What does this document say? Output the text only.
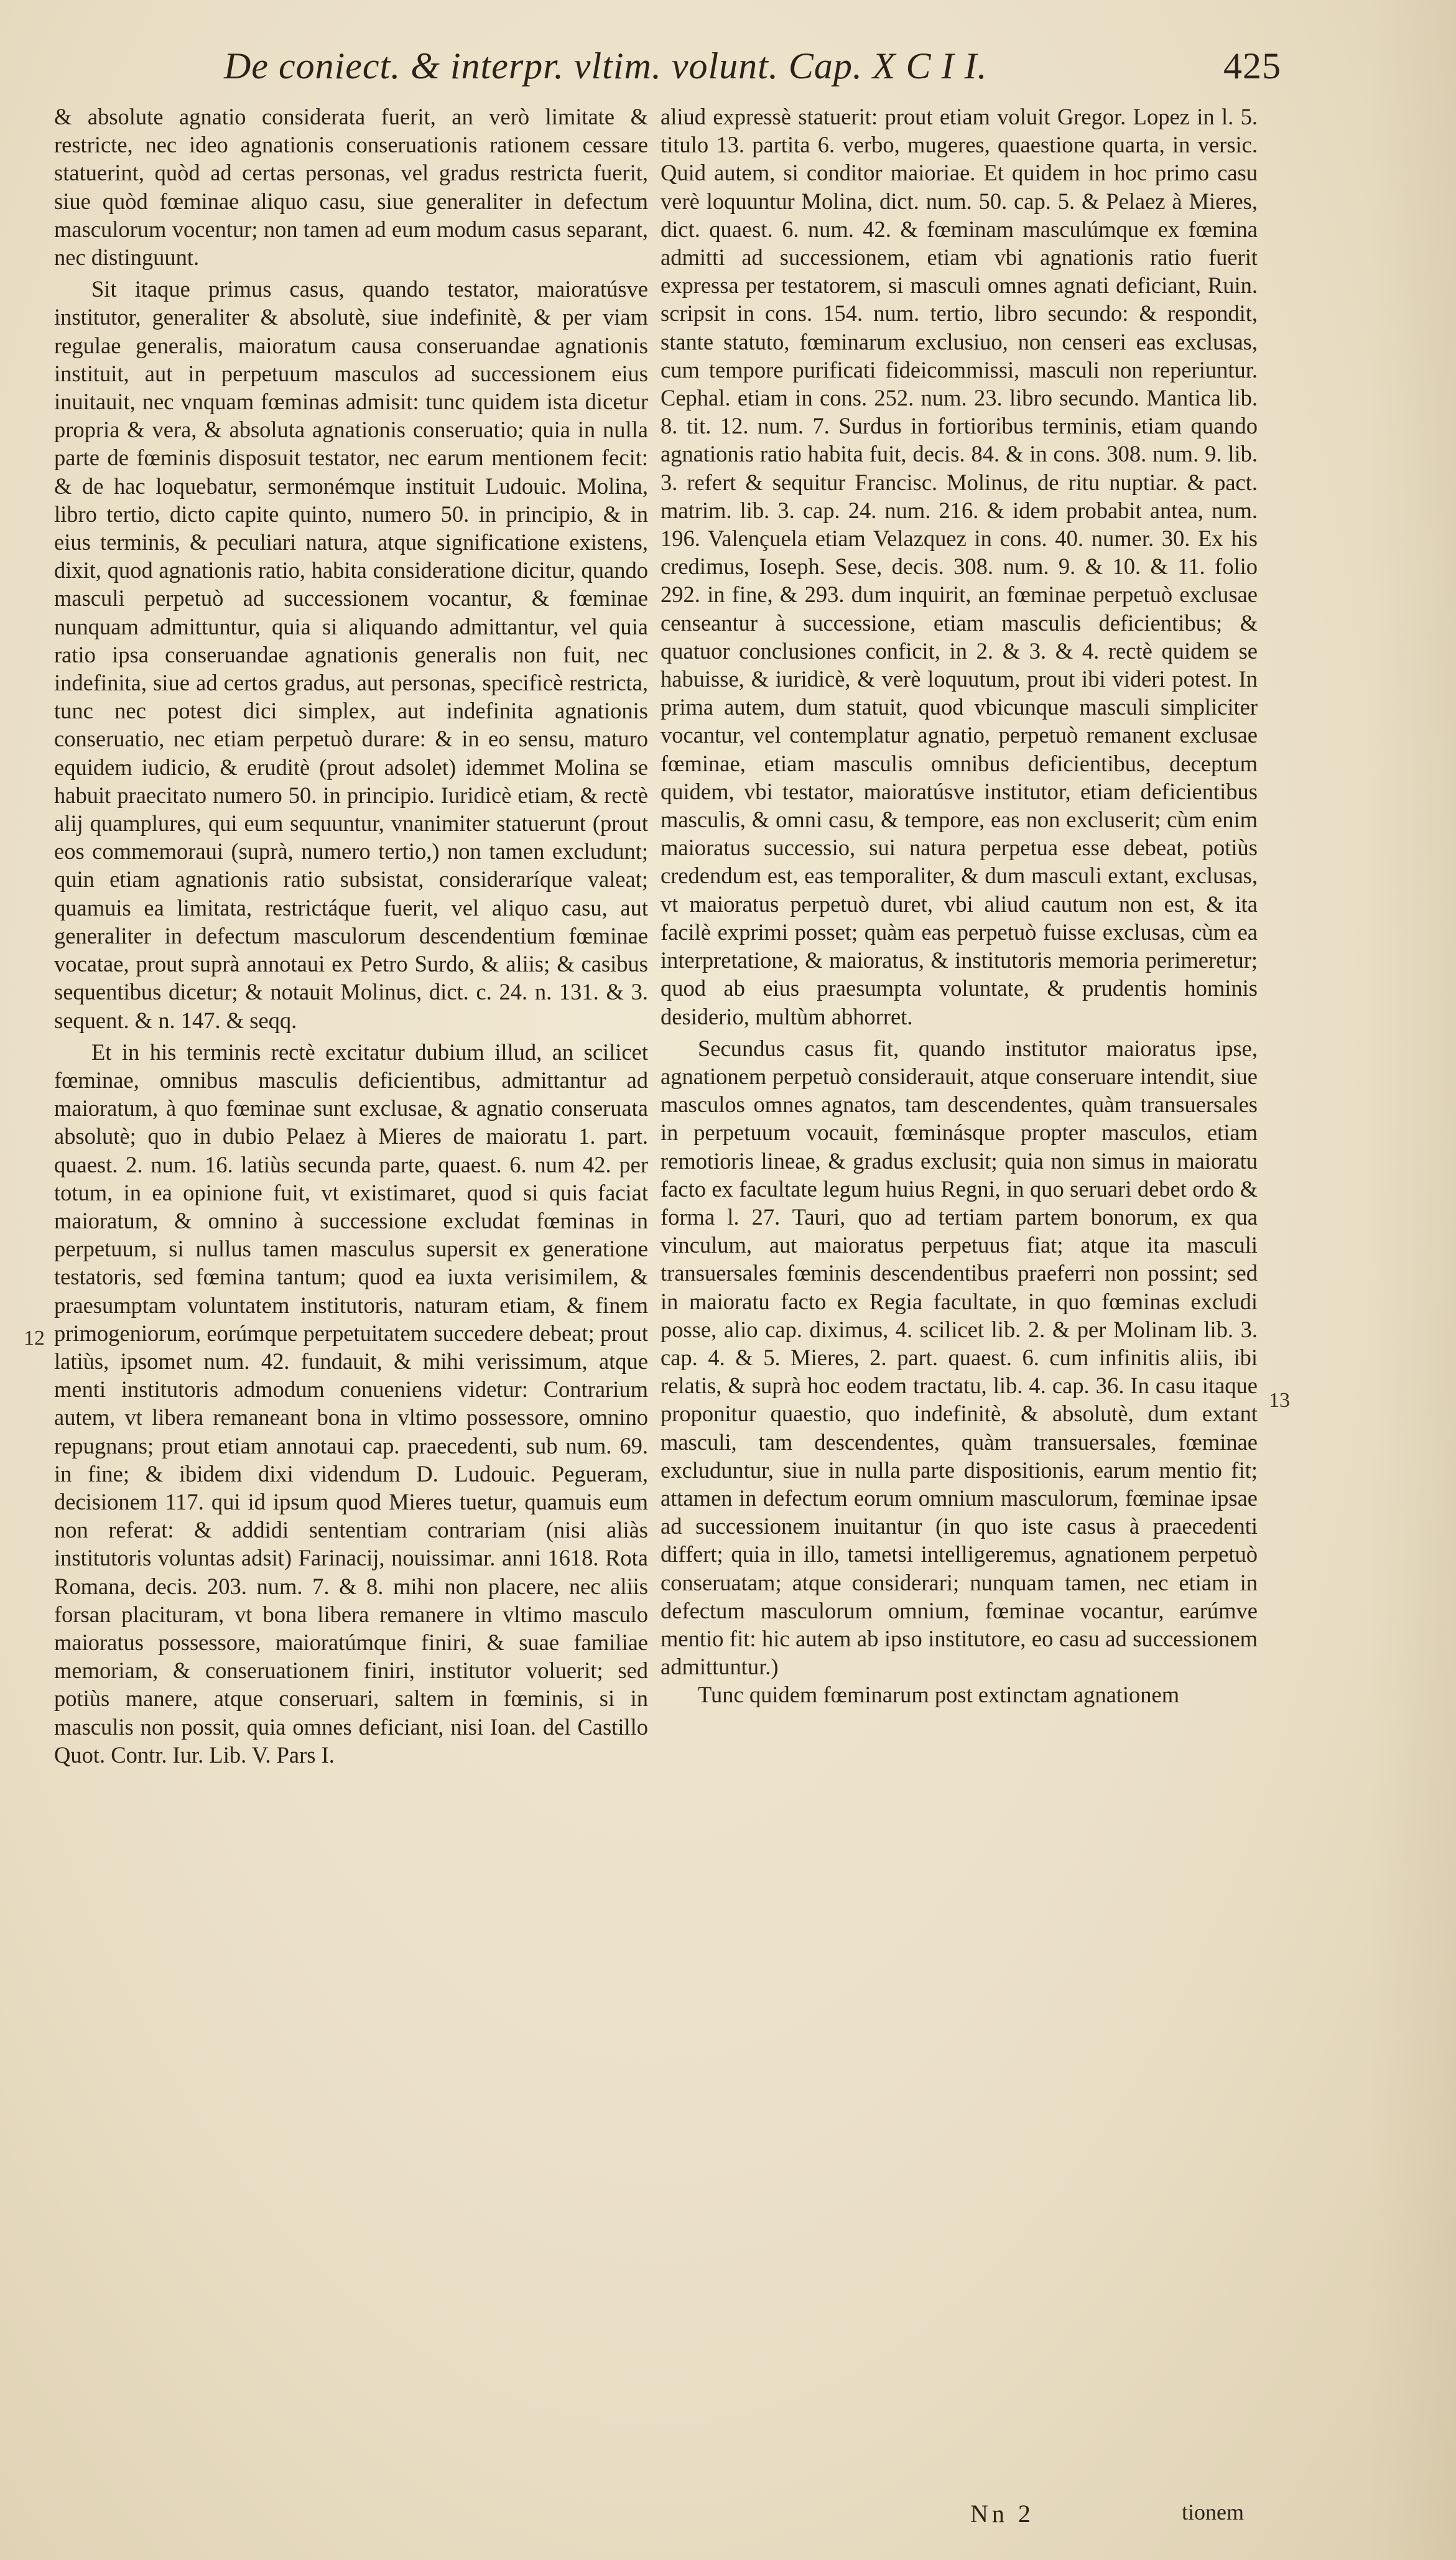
De coniect. & interpr. vltim. volunt. Cap. X C I I.	425

& absolute agnatio considerata fuerit, an verò limitate & restricte, nec ideo agnationis conseruationis rationem cessare statuerint, quòd ad certas personas, vel gradus restricta fuerit, siue quòd fœminae aliquo casu, siue generaliter in defectum masculorum vocentur; non tamen ad eum modum casus separant, nec distinguunt.

Sit itaque primus casus, quando testator, maioratúsve institutor, generaliter & absolutè, siue indefinitè, & per viam regulae generalis, maioratum causa conseruandae agnationis instituit, aut in perpetuum masculos ad successionem eius inuitauit, nec vnquam fœminas admisit: tunc quidem ista dicetur propria & vera, & absoluta agnationis conseruatio; quia in nulla parte de fœminis disposuit testator, nec earum mentionem fecit: & de hac loquebatur, sermonémque instituit Ludouic. Molina, libro tertio, dicto capite quinto, numero 50. in principio, & in eius terminis, & peculiari natura, atque significatione existens, dixit, quod agnationis ratio, habita consideratione dicitur, quando masculi perpetuò ad successionem vocantur, & fœminae nunquam admittuntur, quia si aliquando admittantur, vel quia ratio ipsa conseruandae agnationis generalis non fuit, nec indefinita, siue ad certos gradus, aut personas, specificè restricta, tunc nec potest dici simplex, aut indefinita agnationis conseruatio, nec etiam perpetuò durare: & in eo sensu, maturo equidem iudicio, & eruditè (prout adsolet) idemmet Molina se habuit praecitato numero 50. in principio. Iuridicè etiam, & rectè alij quamplures, qui eum sequuntur, vnanimiter statuerunt (prout eos commemoraui (suprà, numero tertio,) non tamen excludunt; quin etiam agnationis ratio subsistat, consideraríque valeat; quamuis ea limitata, restrictáque fuerit, vel aliquo casu, aut generaliter in defectum masculorum descendentium fœminae vocatae, prout suprà annotaui ex Petro Surdo, & aliis; & casibus sequentibus dicetur; & notauit Molinus, dict. c. 24. n. 131. & 3. sequent. & n. 147. & seqq.

Et in his terminis rectè excitatur dubium illud, an scilicet fœminae, omnibus masculis deficientibus, admittantur ad maioratum, à quo fœminae sunt exclusae, & agnatio conseruata absolutè; quo in dubio Pelaez à Mieres de maioratu 1. part. quaest. 2. num. 16. latiùs secunda parte, quaest. 6. num 42. per totum, in ea opinione fuit, vt existimaret, quod si quis faciat maioratum, & omnino à successione excludat fœminas in perpetuum, si nullus tamen masculus supersit ex generatione testatoris, sed fœmina tantum; quod ea iuxta verisimilem, & praesumptam voluntatem institutoris, naturam etiam, & finem primogeniorum, eorúmque perpetuitatem succedere debeat; prout latiùs, ipsomet num. 42. fundauit, & mihi verissimum, atque menti institutoris admodum conueniens videtur: Contrarium autem, vt libera remaneant bona in vltimo possessore, omnino repugnans; prout etiam annotaui cap. praecedenti, sub num. 69. in fine; & ibidem dixi videndum D. Ludouic. Pegueram, decisionem 117. qui id ipsum quod Mieres tuetur, quamuis eum non referat: & addidi sententiam contrariam (nisi aliàs institutoris voluntas adsit) Farinacij, nouissimar. anni 1618. Rota Romana, decis. 203. num. 7. & 8. mihi non placere, nec aliis forsan placituram, vt bona libera remanere in vltimo masculo maioratus possessore, maioratúmque finiri, & suae familiae memoriam, & conseruationem finiri, institutor voluerit; sed potiùs manere, atque conseruari, saltem in fœminis, si in masculis non possit, quia omnes deficiant, nisi Ioan. del Castillo Quot. Contr. Iur. Lib. V. Pars I.

12

aliud expressè statuerit: prout etiam voluit Gregor. Lopez in l. 5. titulo 13. partita 6. verbo, mugeres, quaestione quarta, in versic. Quid autem, si conditor maioriae. Et quidem in hoc primo casu verè loquuntur Molina, dict. num. 50. cap. 5. & Pelaez à Mieres, dict. quaest. 6. num. 42. & fœminam masculúmque ex fœmina admitti ad successionem, etiam vbi agnationis ratio fuerit expressa per testatorem, si masculi omnes agnati deficiant, Ruin. scripsit in cons. 154. num. tertio, libro secundo: & respondit, stante statuto, fœminarum exclusiuo, non censeri eas exclusas, cum tempore purificati fideicommissi, masculi non reperiuntur. Cephal. etiam in cons. 252. num. 23. libro secundo. Mantica lib. 8. tit. 12. num. 7. Surdus in fortioribus terminis, etiam quando agnationis ratio habita fuit, decis. 84. & in cons. 308. num. 9. lib. 3. refert & sequitur Francisc. Molinus, de ritu nuptiar. & pact. matrim. lib. 3. cap. 24. num. 216. & idem probabit antea, num. 196. Valençuela etiam Velazquez in cons. 40. numer. 30. Ex his credimus, Ioseph. Sese, decis. 308. num. 9. & 10. & 11. folio 292. in fine, & 293. dum inquirit, an fœminae perpetuò exclusae censeantur à successione, etiam masculis deficientibus; & quatuor conclusiones conficit, in 2. & 3. & 4. rectè quidem se habuisse, & iuridicè, & verè loquutum, prout ibi videri potest. In prima autem, dum statuit, quod vbicunque masculi simpliciter vocantur, vel contemplatur agnatio, perpetuò remanent exclusae fœminae, etiam masculis omnibus deficientibus, deceptum quidem, vbi testator, maioratúsve institutor, etiam deficientibus masculis, & omni casu, & tempore, eas non excluserit; cùm enim maioratus successio, sui natura perpetua esse debeat, potiùs credendum est, eas temporaliter, & dum masculi extant, exclusas, vt maioratus perpetuò duret, vbi aliud cautum non est, & ita facilè exprimi posset; quàm eas perpetuò fuisse exclusas, cùm ea interpretatione, & maioratus, & institutoris memoria perimeretur; quod ab eius praesumpta voluntate, & prudentis hominis desiderio, multùm abhorret.

Secundus casus fit, quando institutor maioratus ipse, agnationem perpetuò considerauit, atque conseruare intendit, siue masculos omnes agnatos, tam descendentes, quàm transuersales in perpetuum vocauit, fœminásque propter masculos, etiam remotioris lineae, & gradus exclusit; quia non simus in maioratu facto ex facultate legum huius Regni, in quo seruari debet ordo & forma l. 27. Tauri, quo ad tertiam partem bonorum, ex qua vinculum, aut maioratus perpetuus fiat; atque ita masculi transuersales fœminis descendentibus praeferri non possint; sed in maioratu facto ex Regia facultate, in quo fœminas excludi posse, alio cap. diximus, 4. scilicet lib. 2. & per Molinam lib. 3. cap. 4. & 5. Mieres, 2. part. quaest. 6. cum infinitis aliis, ibi relatis, & suprà hoc eodem tractatu, lib. 4. cap. 36. In casu itaque proponitur quaestio, quo indefinitè, & absolutè, dum extant masculi, tam descendentes, quàm transuersales, fœminae excluduntur, siue in nulla parte dispositionis, earum mentio fit; attamen in defectum eorum omnium masculorum, fœminae ipsae ad successionem inuitantur (in quo iste casus à praecedenti differt; quia in illo, tametsi intelligeremus, agnationem perpetuò conseruatam; atque considerari; nunquam tamen, nec etiam in defectum masculorum omnium, fœminae vocantur, earúmve mentio fit: hic autem ab ipso institutore, eo casu ad successionem admittuntur.)

Tunc quidem fœminarum post extinctam agnationem

13
Nn 2	tionem
